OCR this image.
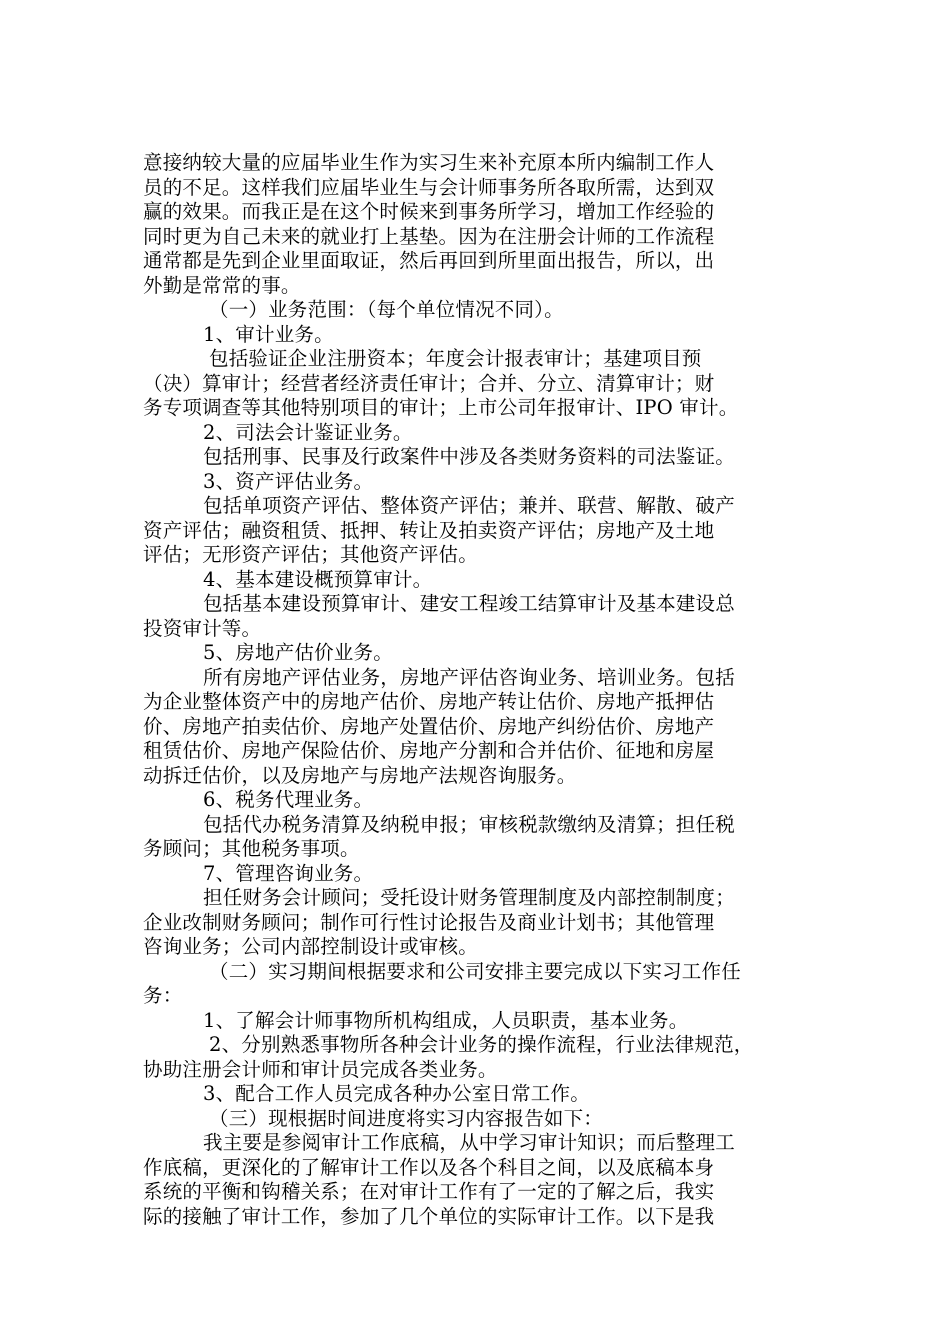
意接纳较大量的应届毕业生作为实习生来补充原本所内编制工作人
员的不足。这样我们应届毕业生与会计师事务所各取所需，达到双
赢的效果。而我正是在这个时候来到事务所学习，增加工作经验的
同时更为自己未来的就业打上基垫。因为在注册会计师的工作流程
通常都是先到企业里面取证，然后再回到所里面出报告，所以，出
外勤是常常的事。
（一）业务范围：（每个单位情况不同）。
1、审计业务。
包括验证企业注册资本；年度会计报表审计；基建项目预
（决）算审计；经营者经济责任审计；合并、分立、清算审计；财
务专项调查等其他特别项目的审计；上市公司年报审计、IPO 审计。
2、司法会计鉴证业务。
包括刑事、民事及行政案件中涉及各类财务资料的司法鉴证。
3、资产评估业务。
包括单项资产评估、整体资产评估；兼并、联营、解散、破产
资产评估；融资租赁、抵押、转让及拍卖资产评估；房地产及土地
评估；无形资产评估；其他资产评估。
4、基本建设概预算审计。
包括基本建设预算审计、建安工程竣工结算审计及基本建设总
投资审计等。
5、房地产估价业务。
所有房地产评估业务，房地产评估咨询业务、培训业务。包括
为企业整体资产中的房地产估价、房地产转让估价、房地产抵押估
价、房地产拍卖估价、房地产处置估价、房地产纠纷估价、房地产
租赁估价、房地产保险估价、房地产分割和合并估价、征地和房屋
动拆迁估价，以及房地产与房地产法规咨询服务。
6、税务代理业务。
包括代办税务清算及纳税申报；审核税款缴纳及清算；担任税
务顾问；其他税务事项。
7、管理咨询业务。
担任财务会计顾问；受托设计财务管理制度及内部控制制度；
企业改制财务顾问；制作可行性讨论报告及商业计划书；其他管理
咨询业务；公司内部控制设计或审核。
（二）实习期间根据要求和公司安排主要完成以下实习工作任
务：
1、了解会计师事物所机构组成，人员职责，基本业务。
2、分别熟悉事物所各种会计业务的操作流程，行业法律规范，
协助注册会计师和审计员完成各类业务。
3、配合工作人员完成各种办公室日常工作。
（三）现根据时间进度将实习内容报告如下：
我主要是参阅审计工作底稿，从中学习审计知识；而后整理工
作底稿，更深化的了解审计工作以及各个科目之间，以及底稿本身
系统的平衡和钩稽关系；在对审计工作有了一定的了解之后，我实
际的接触了审计工作，参加了几个单位的实际审计工作。以下是我
